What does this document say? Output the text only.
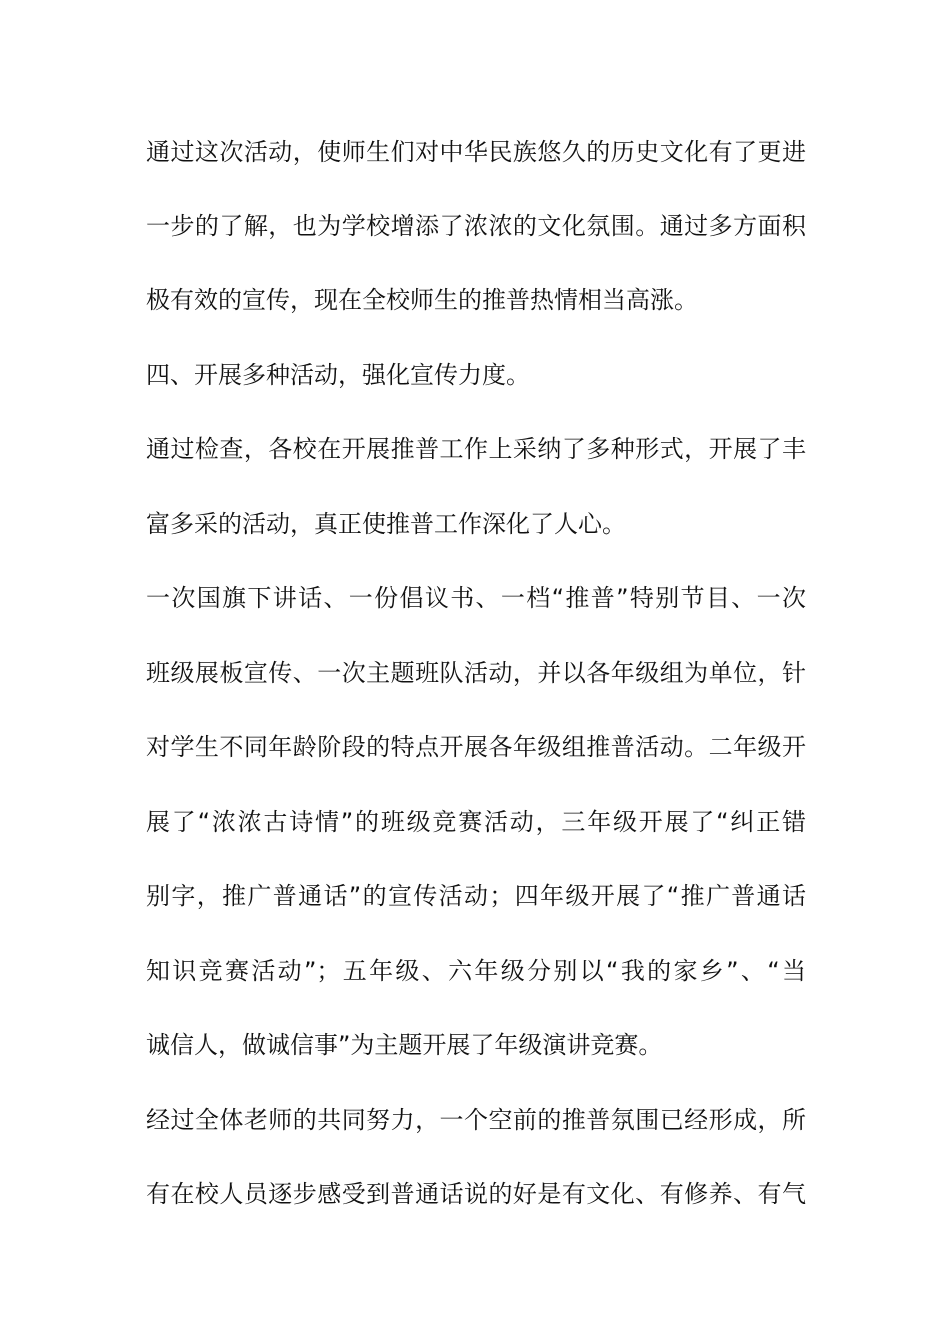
通过这次活动，使师生们对中华民族悠久的历史文化有了更进
一步的了解，也为学校增添了浓浓的文化氛围。通过多方面积
极有效的宣传，现在全校师生的推普热情相当高涨。
四、开展多种活动，强化宣传力度。
通过检查，各校在开展推普工作上采纳了多种形式，开展了丰
富多采的活动，真正使推普工作深化了人心。
一次国旗下讲话、一份倡议书、一档“推普”特别节目、一次
班级展板宣传、一次主题班队活动，并以各年级组为单位，针
对学生不同年龄阶段的特点开展各年级组推普活动。二年级开
展了“浓浓古诗情”的班级竞赛活动，三年级开展了“纠正错
别字，推广普通话”的宣传活动；四年级开展了“推广普通话
知识竞赛活动”；五年级、六年级分别以“我的家乡”、“当
诚信人，做诚信事”为主题开展了年级演讲竞赛。
经过全体老师的共同努力，一个空前的推普氛围已经形成，所
有在校人员逐步感受到普通话说的好是有文化、有修养、有气
